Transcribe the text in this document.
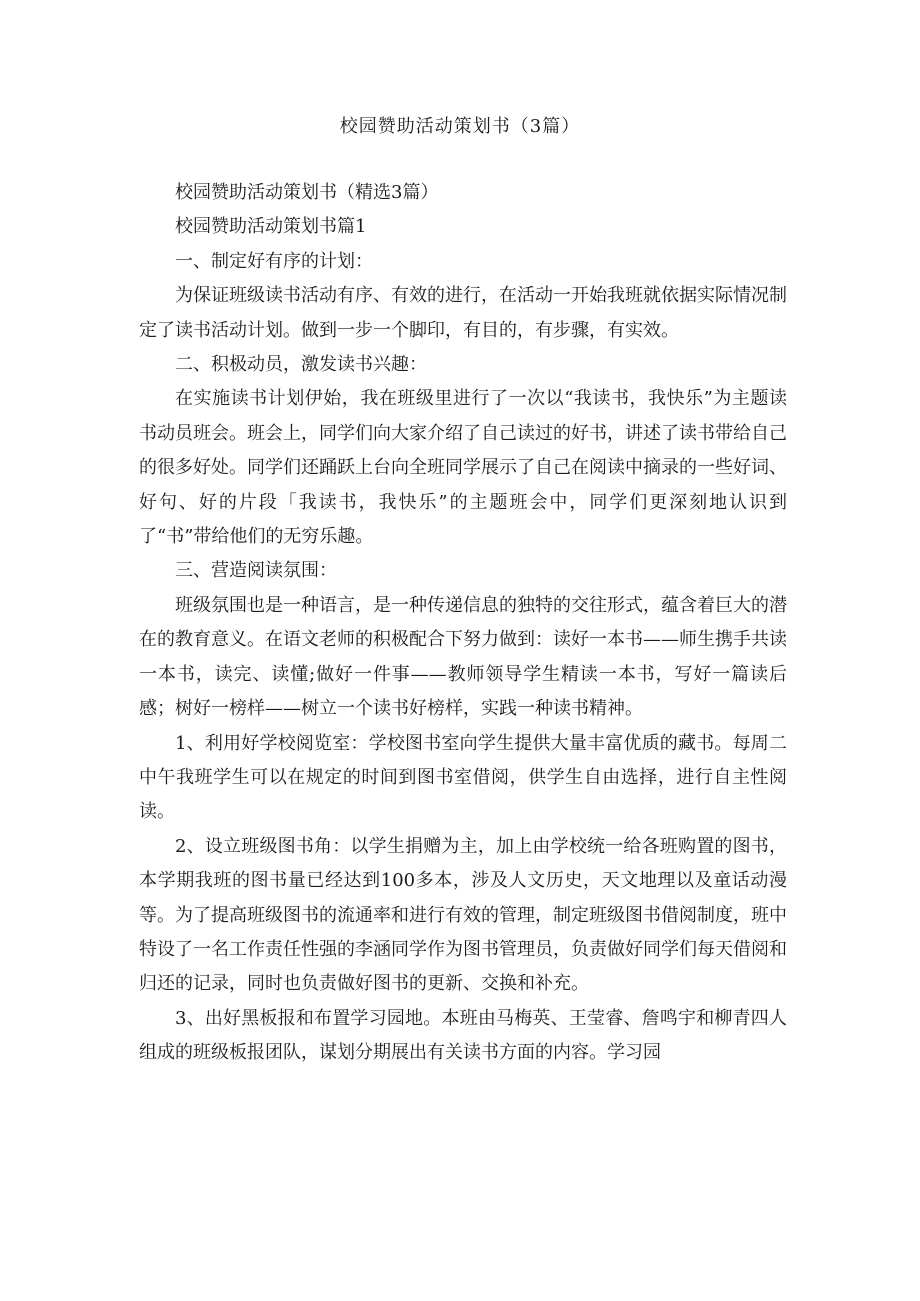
校园赞助活动策划书（3篇）

校园赞助活动策划书（精选3篇）

校园赞助活动策划书篇1

一、制定好有序的计划：

为保证班级读书活动有序、有效的进行，在活动一开始我班就依据实际情况制定了读书活动计划。做到一步一个脚印，有目的，有步骤，有实效。

二、积极动员，激发读书兴趣：

在实施读书计划伊始，我在班级里进行了一次以“我读书，我快乐”为主题读书动员班会。班会上，同学们向大家介绍了自己读过的好书，讲述了读书带给自己的很多好处。同学们还踊跃上台向全班同学展示了自己在阅读中摘录的一些好词、好句、好的片段「我读书，我快乐”的主题班会中，同学们更深刻地认识到了“书”带给他们的无穷乐趣。

三、营造阅读氛围：

班级氛围也是一种语言，是一种传递信息的独特的交往形式，蕴含着巨大的潜在的教育意义。在语文老师的积极配合下努力做到：读好一本书——师生携手共读一本书，读完、读懂;做好一件事——教师领导学生精读一本书，写好一篇读后感；树好一榜样——树立一个读书好榜样，实践一种读书精神。

1、利用好学校阅览室：学校图书室向学生提供大量丰富优质的藏书。每周二中午我班学生可以在规定的时间到图书室借阅，供学生自由选择，进行自主性阅读。

2、设立班级图书角：以学生捐赠为主，加上由学校统一给各班购置的图书，本学期我班的图书量已经达到100多本，涉及人文历史，天文地理以及童话动漫等。为了提高班级图书的流通率和进行有效的管理，制定班级图书借阅制度，班中特设了一名工作责任性强的李涵同学作为图书管理员，负责做好同学们每天借阅和归还的记录，同时也负责做好图书的更新、交换和补充。

3、出好黑板报和布置学习园地。本班由马梅英、王莹睿、詹鸣宇和柳青四人组成的班级板报团队，谋划分期展出有关读书方面的内容。学习园
